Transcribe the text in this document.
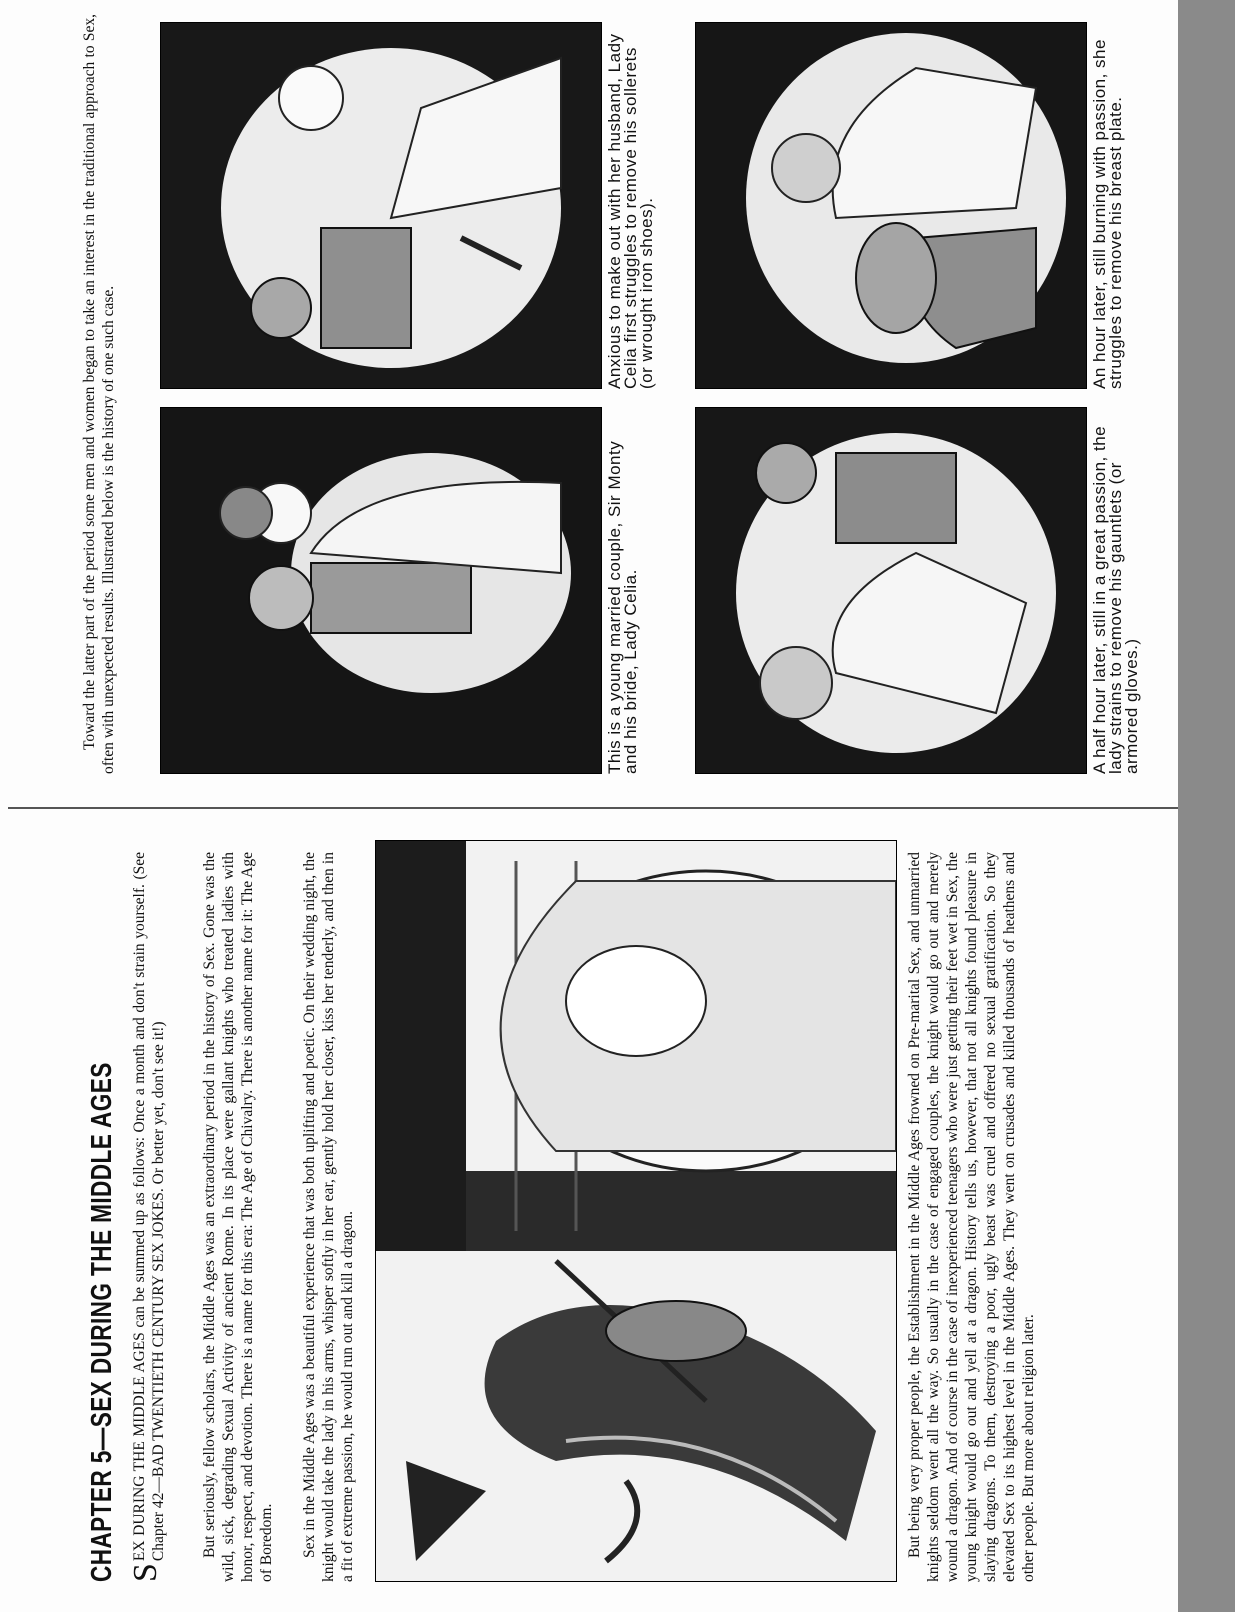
CHAPTER 5—SEX DURING THE MIDDLE AGES S
EX DURING THE MIDDLE AGES can be summed up as follows: Once a month and don't strain yourself. (See Chapter 42—BAD TWENTIETH CENTURY SEX JOKES. Or better yet, don't see it!) But seriously, fellow scholars, the Middle Ages was an extraordinary period in the history of Sex. Gone was the wild, sick, degrading Sexual Activity of ancient Rome. In its place were gallant knights who treated ladies with honor, respect, and devotion. There is a name for this era: The Age of Chivalry. There is another name for it: The Age of Boredom. Sex in the Middle Ages was a beautiful experience that was both uplifting and poetic. On their wedding night, the knight would take the lady in his arms, whisper softly in her ear, gently hold her closer, kiss her tenderly, and then in a fit of extreme passion, he would run out and kill a dragon.	But being very proper people, the Establishment in the Middle Ages frowned on Pre-marital Sex, and unmarried knights seldom went all the way. So usually in the case of engaged couples, the knight would go out and merely wound a dragon. And of course in the case of inexperienced teenagers who were just getting their feet wet in Sex, the young knight would go out and yell at a dragon. History tells us, however, that not all knights found pleasure in slaying dragons. To them, destroying a poor, ugly beast was cruel and offered no sexual gratification. So they elevated Sex to its highest level in the Middle Ages. They went on crusades and killed thousands of heathens and other people. But more about religion later.
Toward the latter part of the period some men and women began to take an interest in the traditional approach to Sex, often with unexpected results. Illustrated below is the history of one such case.	This is a young married couple, Sir Monty and his bride, Lady Celia.
Anxious to make out with her husband, Lady Celia first struggles to remove his sollerets (or wrought iron shoes).
A half hour later, still in a great passion, the lady strains to remove his gauntlets (or armored gloves.)
An hour later, still burning with passion, she struggles to remove his breast plate.
